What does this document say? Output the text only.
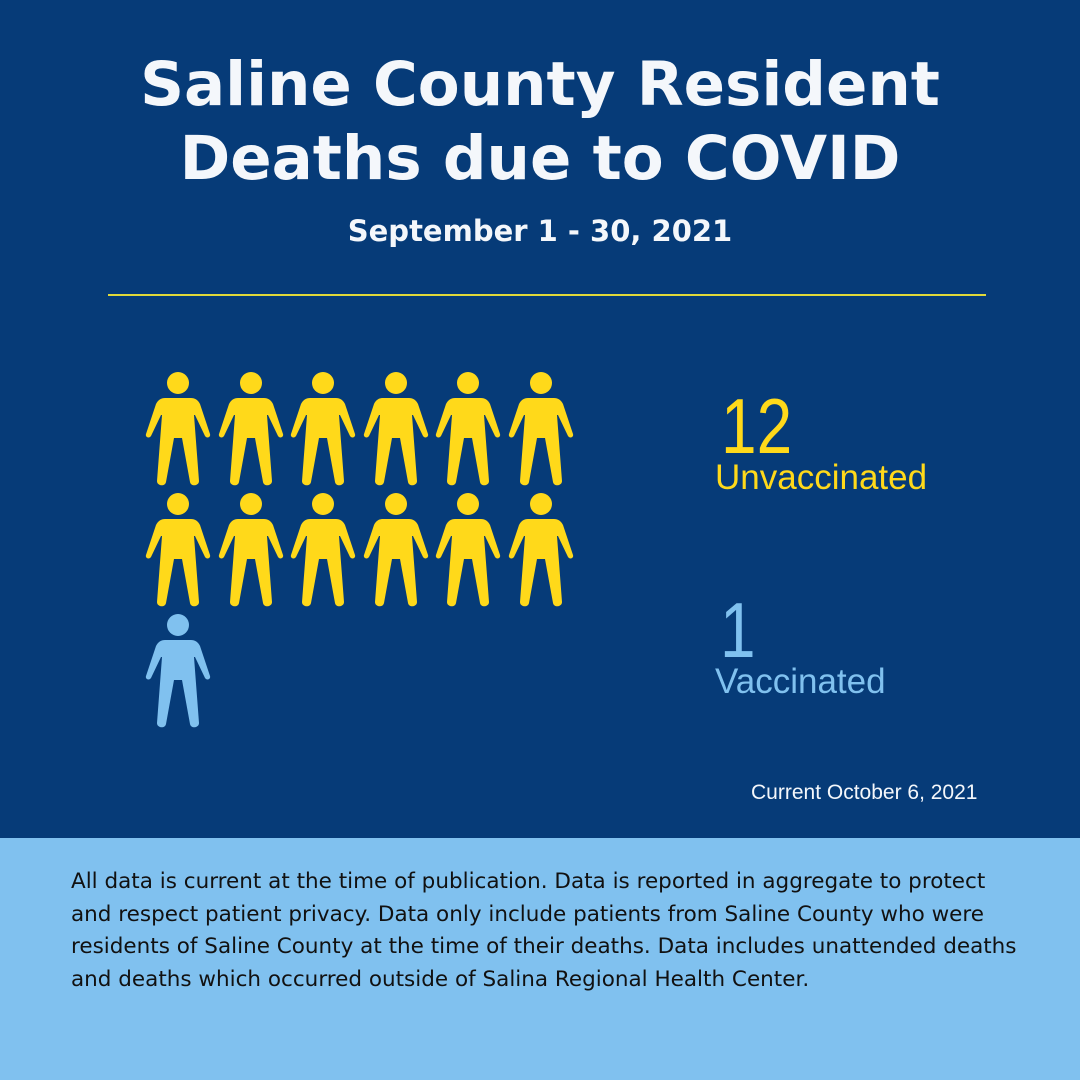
Saline County Resident
Deaths due to COVID
September 1 - 30, 2021
12
Unvaccinated
1
Vaccinated
Current October 6, 2021

All data is current at the time of publication. Data is reported in aggregate to protect and respect patient privacy. Data only include patients from Saline County who were residents of Saline County at the time of their deaths. Data includes unattended deaths and deaths which occurred outside of Salina Regional Health Center.
